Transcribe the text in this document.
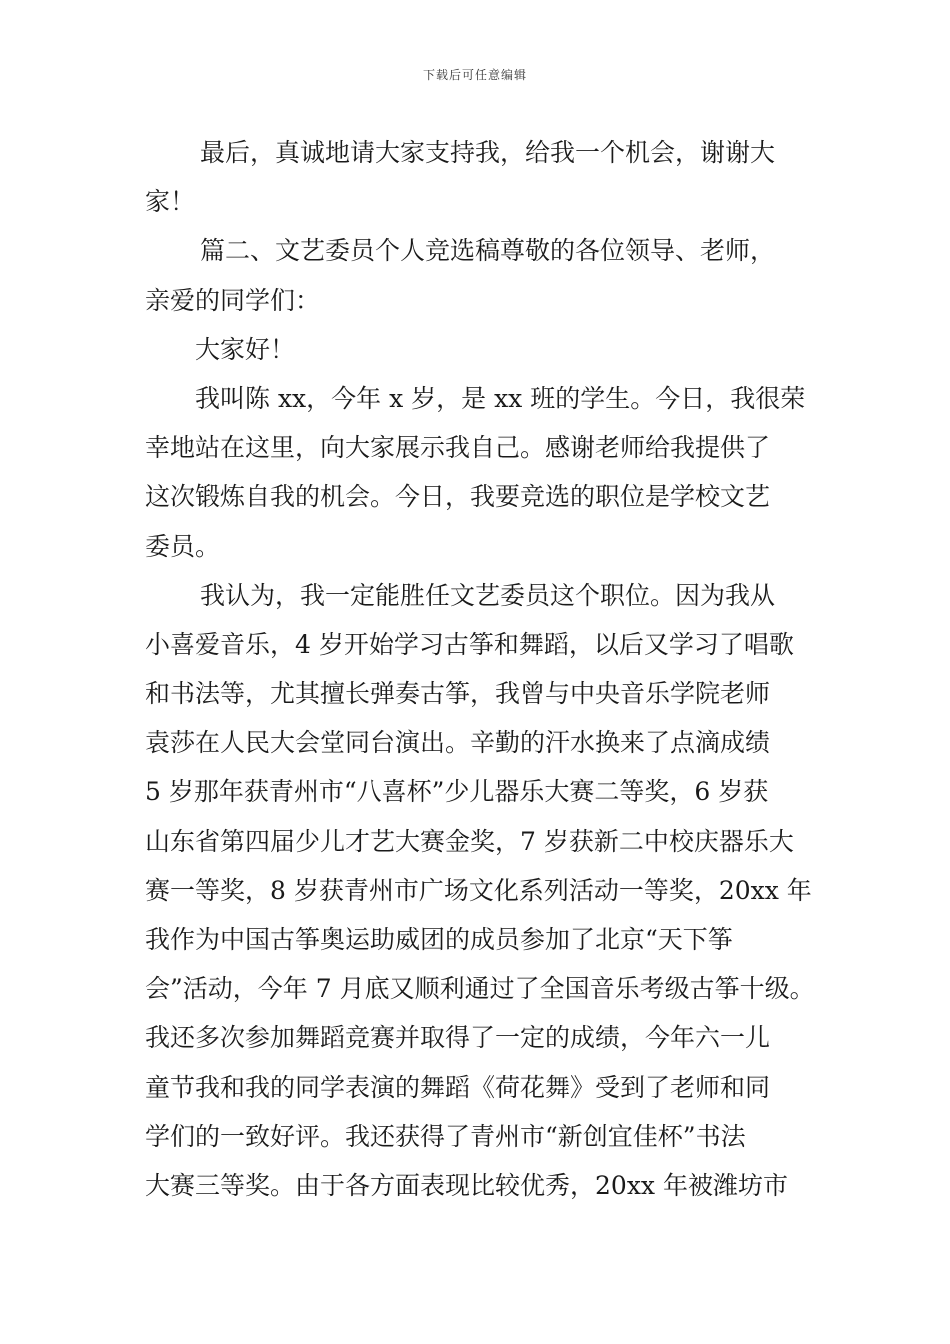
下载后可任意编辑
最后，真诚地请大家支持我，给我一个机会，谢谢大
家！
篇二、文艺委员个人竞选稿尊敬的各位领导、老师，
亲爱的同学们：
大家好！
我叫陈 xx，今年 x 岁，是 xx 班的学生。今日，我很荣
幸地站在这里，向大家展示我自己。感谢老师给我提供了
这次锻炼自我的机会。今日，我要竞选的职位是学校文艺
委员。
我认为，我一定能胜任文艺委员这个职位。因为我从
小喜爱音乐，4 岁开始学习古筝和舞蹈，以后又学习了唱歌
和书法等，尤其擅长弹奏古筝，我曾与中央音乐学院老师
袁莎在人民大会堂同台演出。辛勤的汗水换来了点滴成绩
5 岁那年获青州市“八喜杯”少儿器乐大赛二等奖，6 岁获
山东省第四届少儿才艺大赛金奖，7 岁获新二中校庆器乐大
赛一等奖，8 岁获青州市广场文化系列活动一等奖，20xx 年
我作为中国古筝奥运助威团的成员参加了北京“天下筝
会”活动，今年 7 月底又顺利通过了全国音乐考级古筝十级。
我还多次参加舞蹈竞赛并取得了一定的成绩，今年六一儿
童节我和我的同学表演的舞蹈《荷花舞》受到了老师和同
学们的一致好评。我还获得了青州市“新创宜佳杯”书法
大赛三等奖。由于各方面表现比较优秀，20xx 年被潍坊市
